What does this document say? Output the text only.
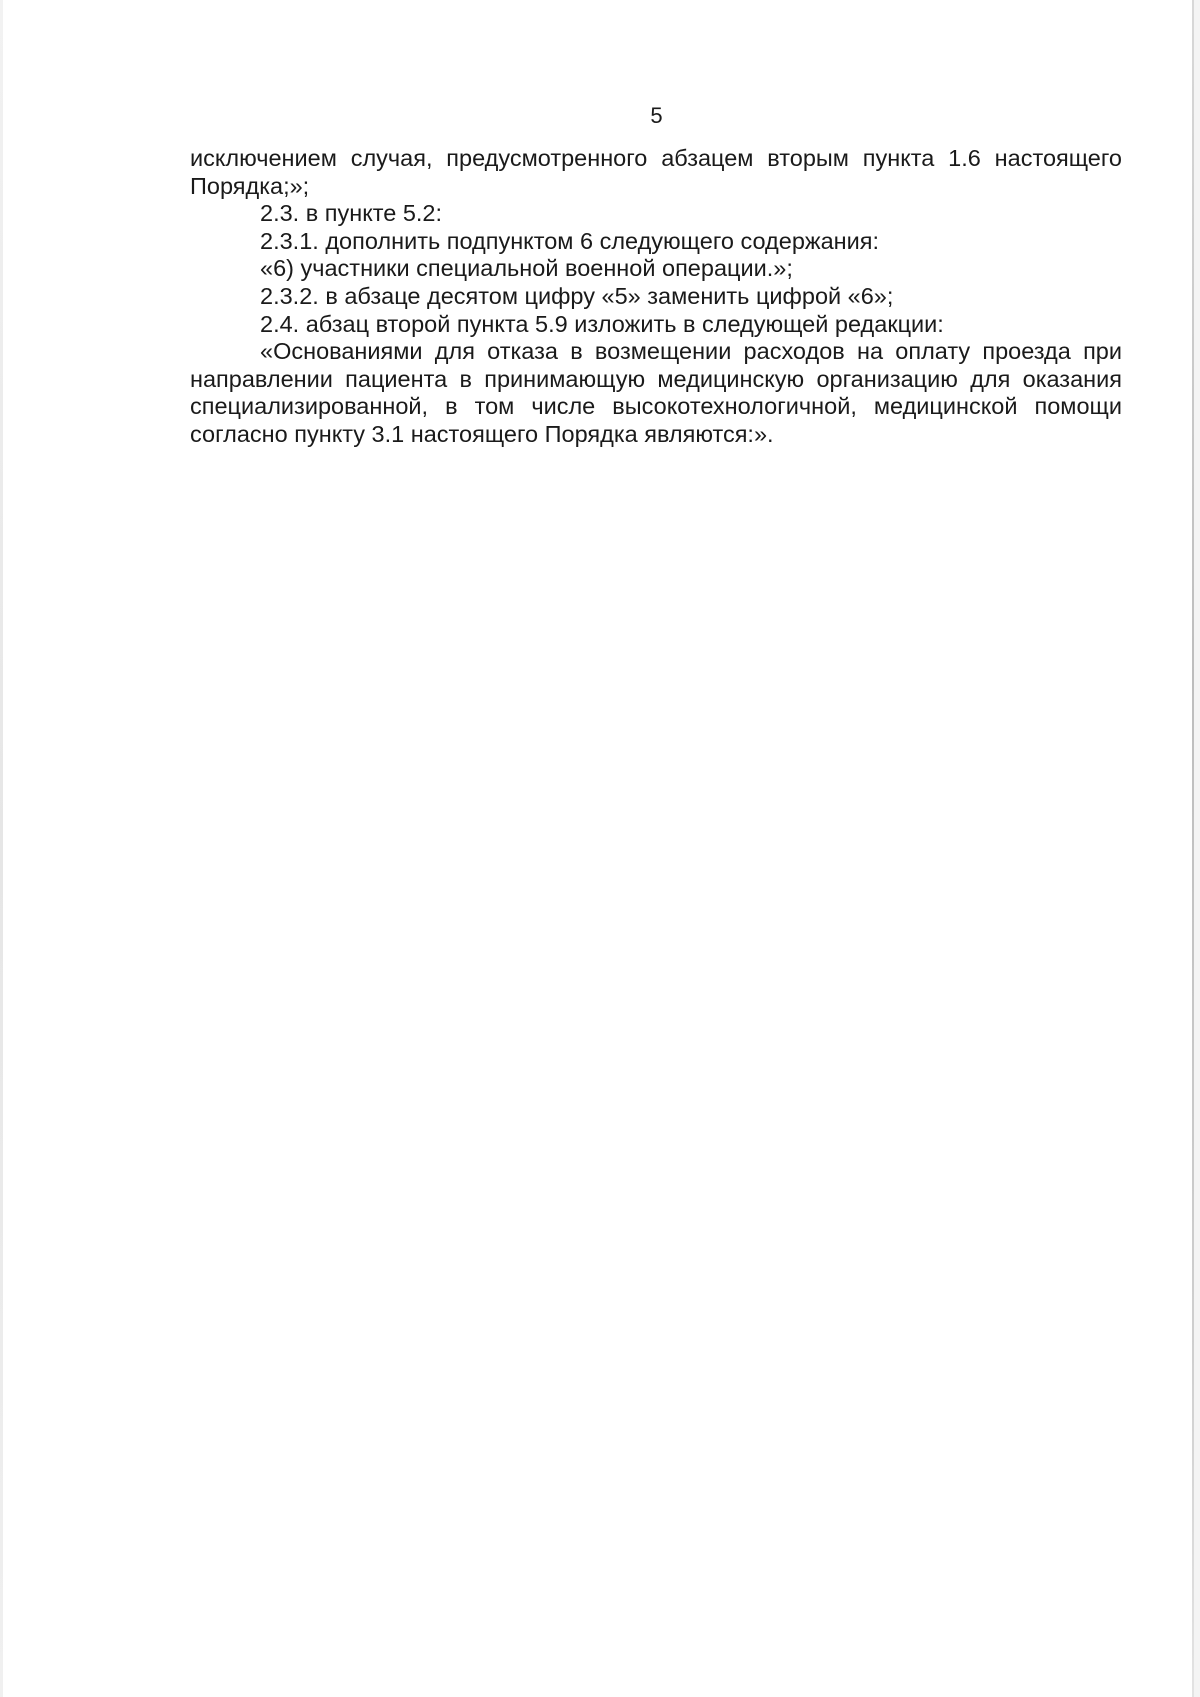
5

исключением случая, предусмотренного абзацем вторым пункта 1.6 настоящего Порядка;»;

2.3. в пункте 5.2:

2.3.1. дополнить подпунктом 6 следующего содержания:

«6) участники специальной военной операции.»;

2.3.2. в абзаце десятом цифру «5» заменить цифрой «6»;

2.4. абзац второй пункта 5.9 изложить в следующей редакции:

«Основаниями для отказа в возмещении расходов на оплату проезда при направлении пациента в принимающую медицинскую организацию для оказания специализированной, в том числе высокотехнологичной, медицинской помощи согласно пункту 3.1 настоящего Порядка являются:».
